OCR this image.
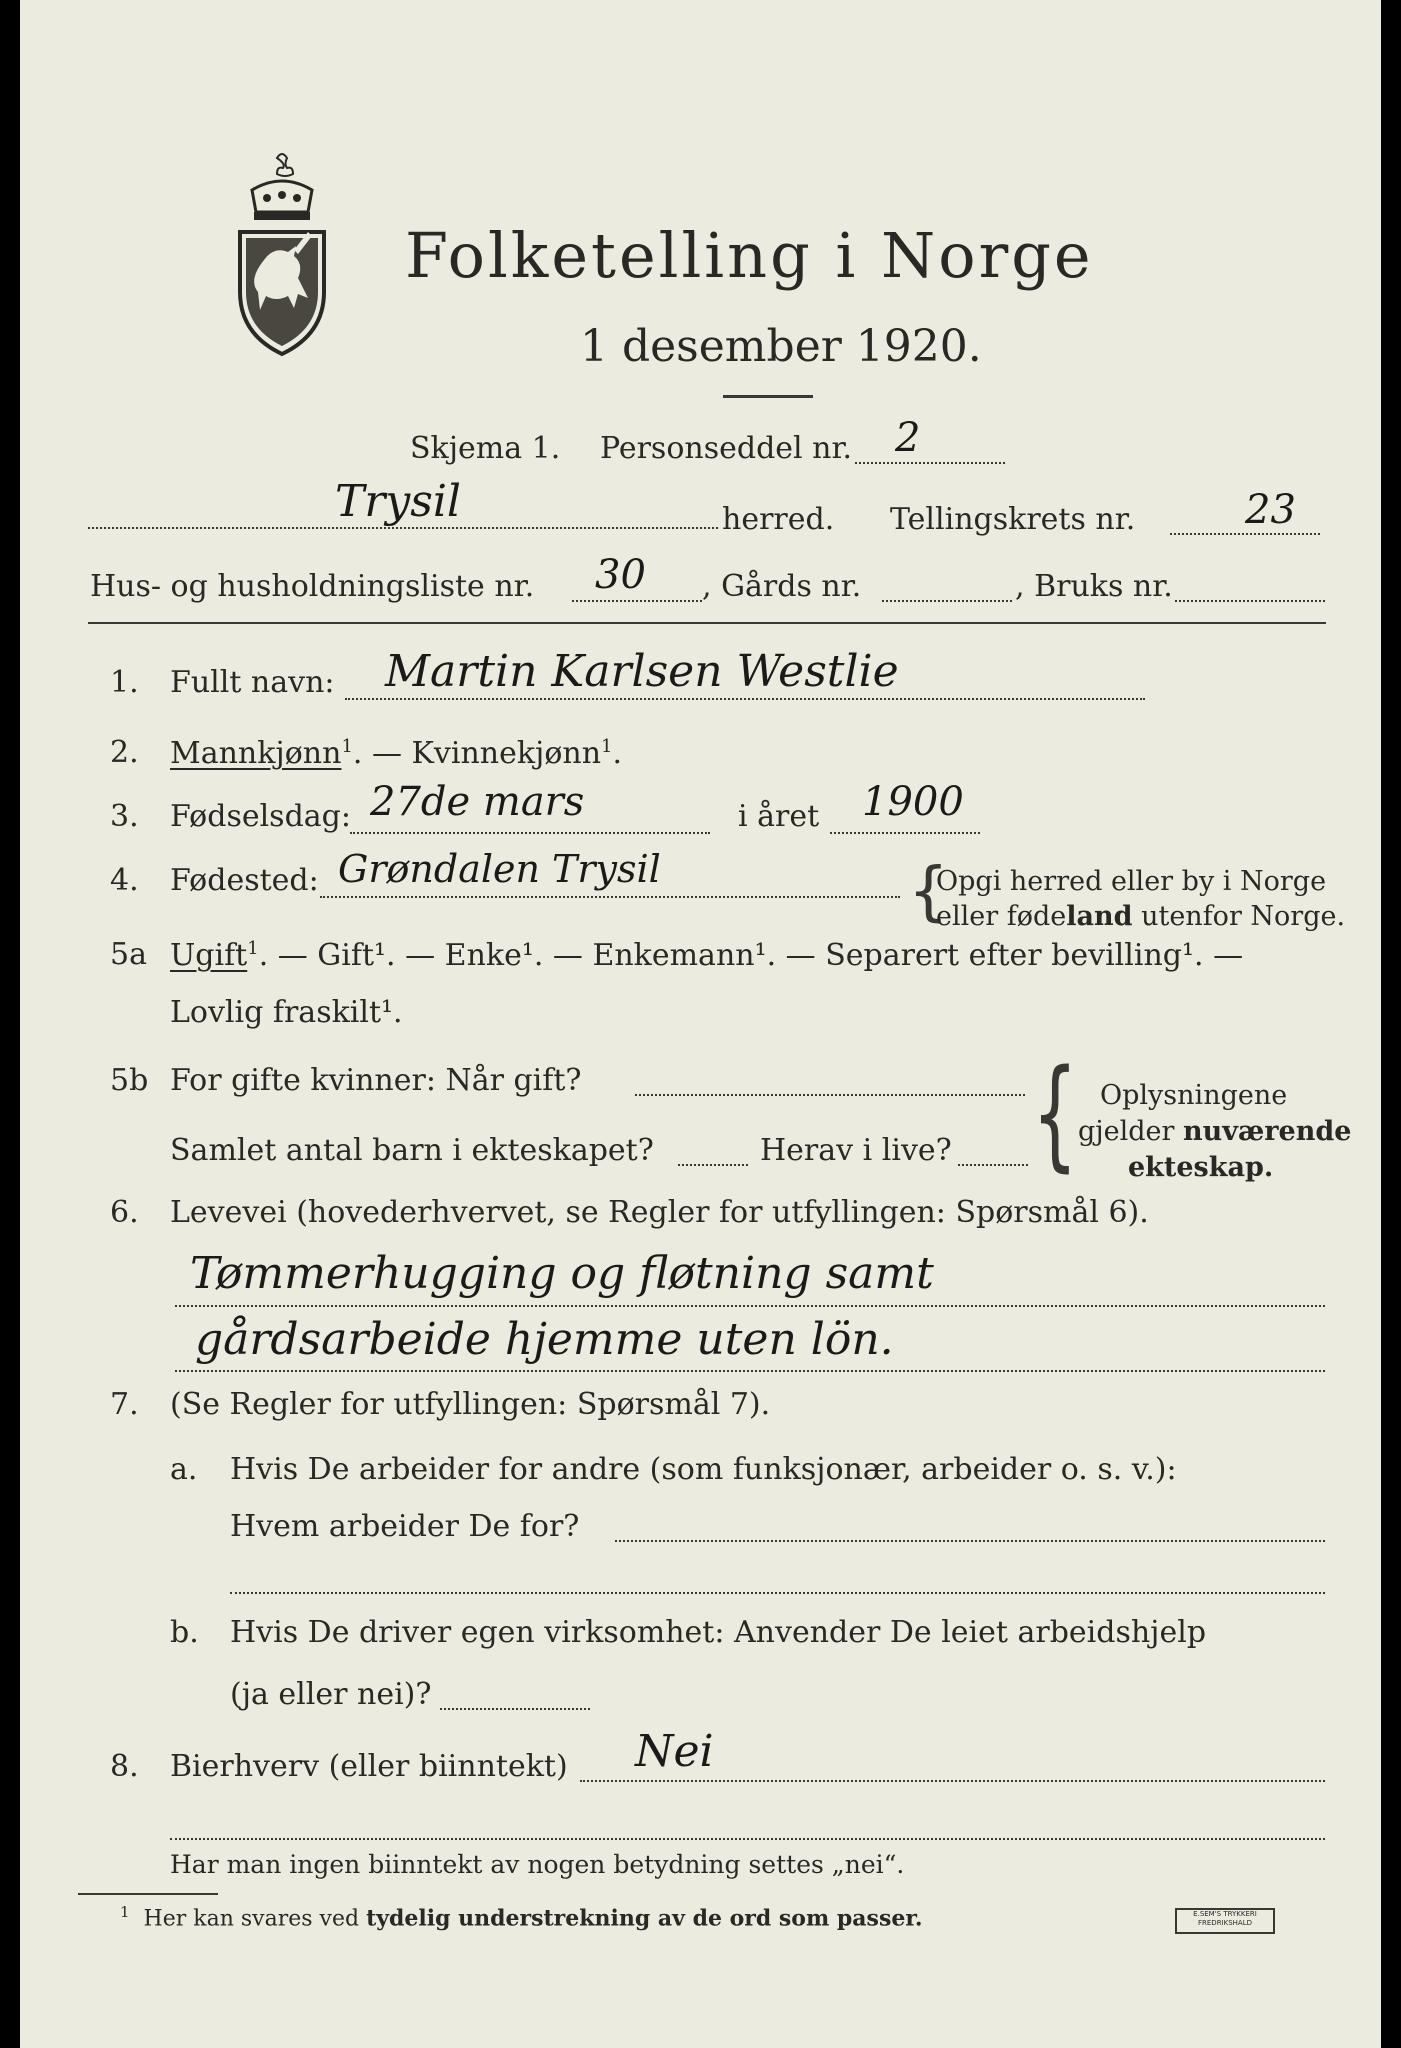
Folketelling i Norge
1 desember 1920.
Skjema 1. Personseddel nr. 2
Trysil	herred. Tellingskrets nr.	23
Hus- og husholdningsliste nr. 30 , Gårds nr.	, Bruks nr.
1. Fullt navn: Martin Karlsen Westlie
2. Mannkjønn$^1$. — Kvinnekjønn$^1$.
3. Fødselsdag: 27de mars	i året 1900
4. Fødested: Grøndalen Trysil	{
Opgi herred eller by i Norge
eller fødeland utenfor Norge.
5a Ugift$^1$. — Gift¹. — Enke¹. — Enkemann¹. — Separert efter bevilling¹. —
Lovlig fraskilt¹.
5b For gifte kvinner: Når gift?
Samlet antal barn i ekteskapet?	Herav i live? { Oplysningene
gjelder nuværende
ekteskap.
6. Levevei (hovederhvervet, se Regler for utfyllingen: Spørsmål 6).
Tømmerhugging og fløtning samt
gårdsarbeide hjemme uten lön.
7. (Se Regler for utfyllingen: Spørsmål 7).
a. Hvis De arbeider for andre (som funksjonær, arbeider o. s. v.):
Hvem arbeider De for?
b. Hvis De driver egen virksomhet: Anvender De leiet arbeidshjelp
(ja eller nei)?
8. Bierhverv (eller biinntekt) Nei
Har man ingen biinntekt av nogen betydning settes „nei“.
$^1$ Her kan svares ved tydelig understrekning av de ord som passer.	E.SEM'S TRYKKERI
FREDRIKSHALD
